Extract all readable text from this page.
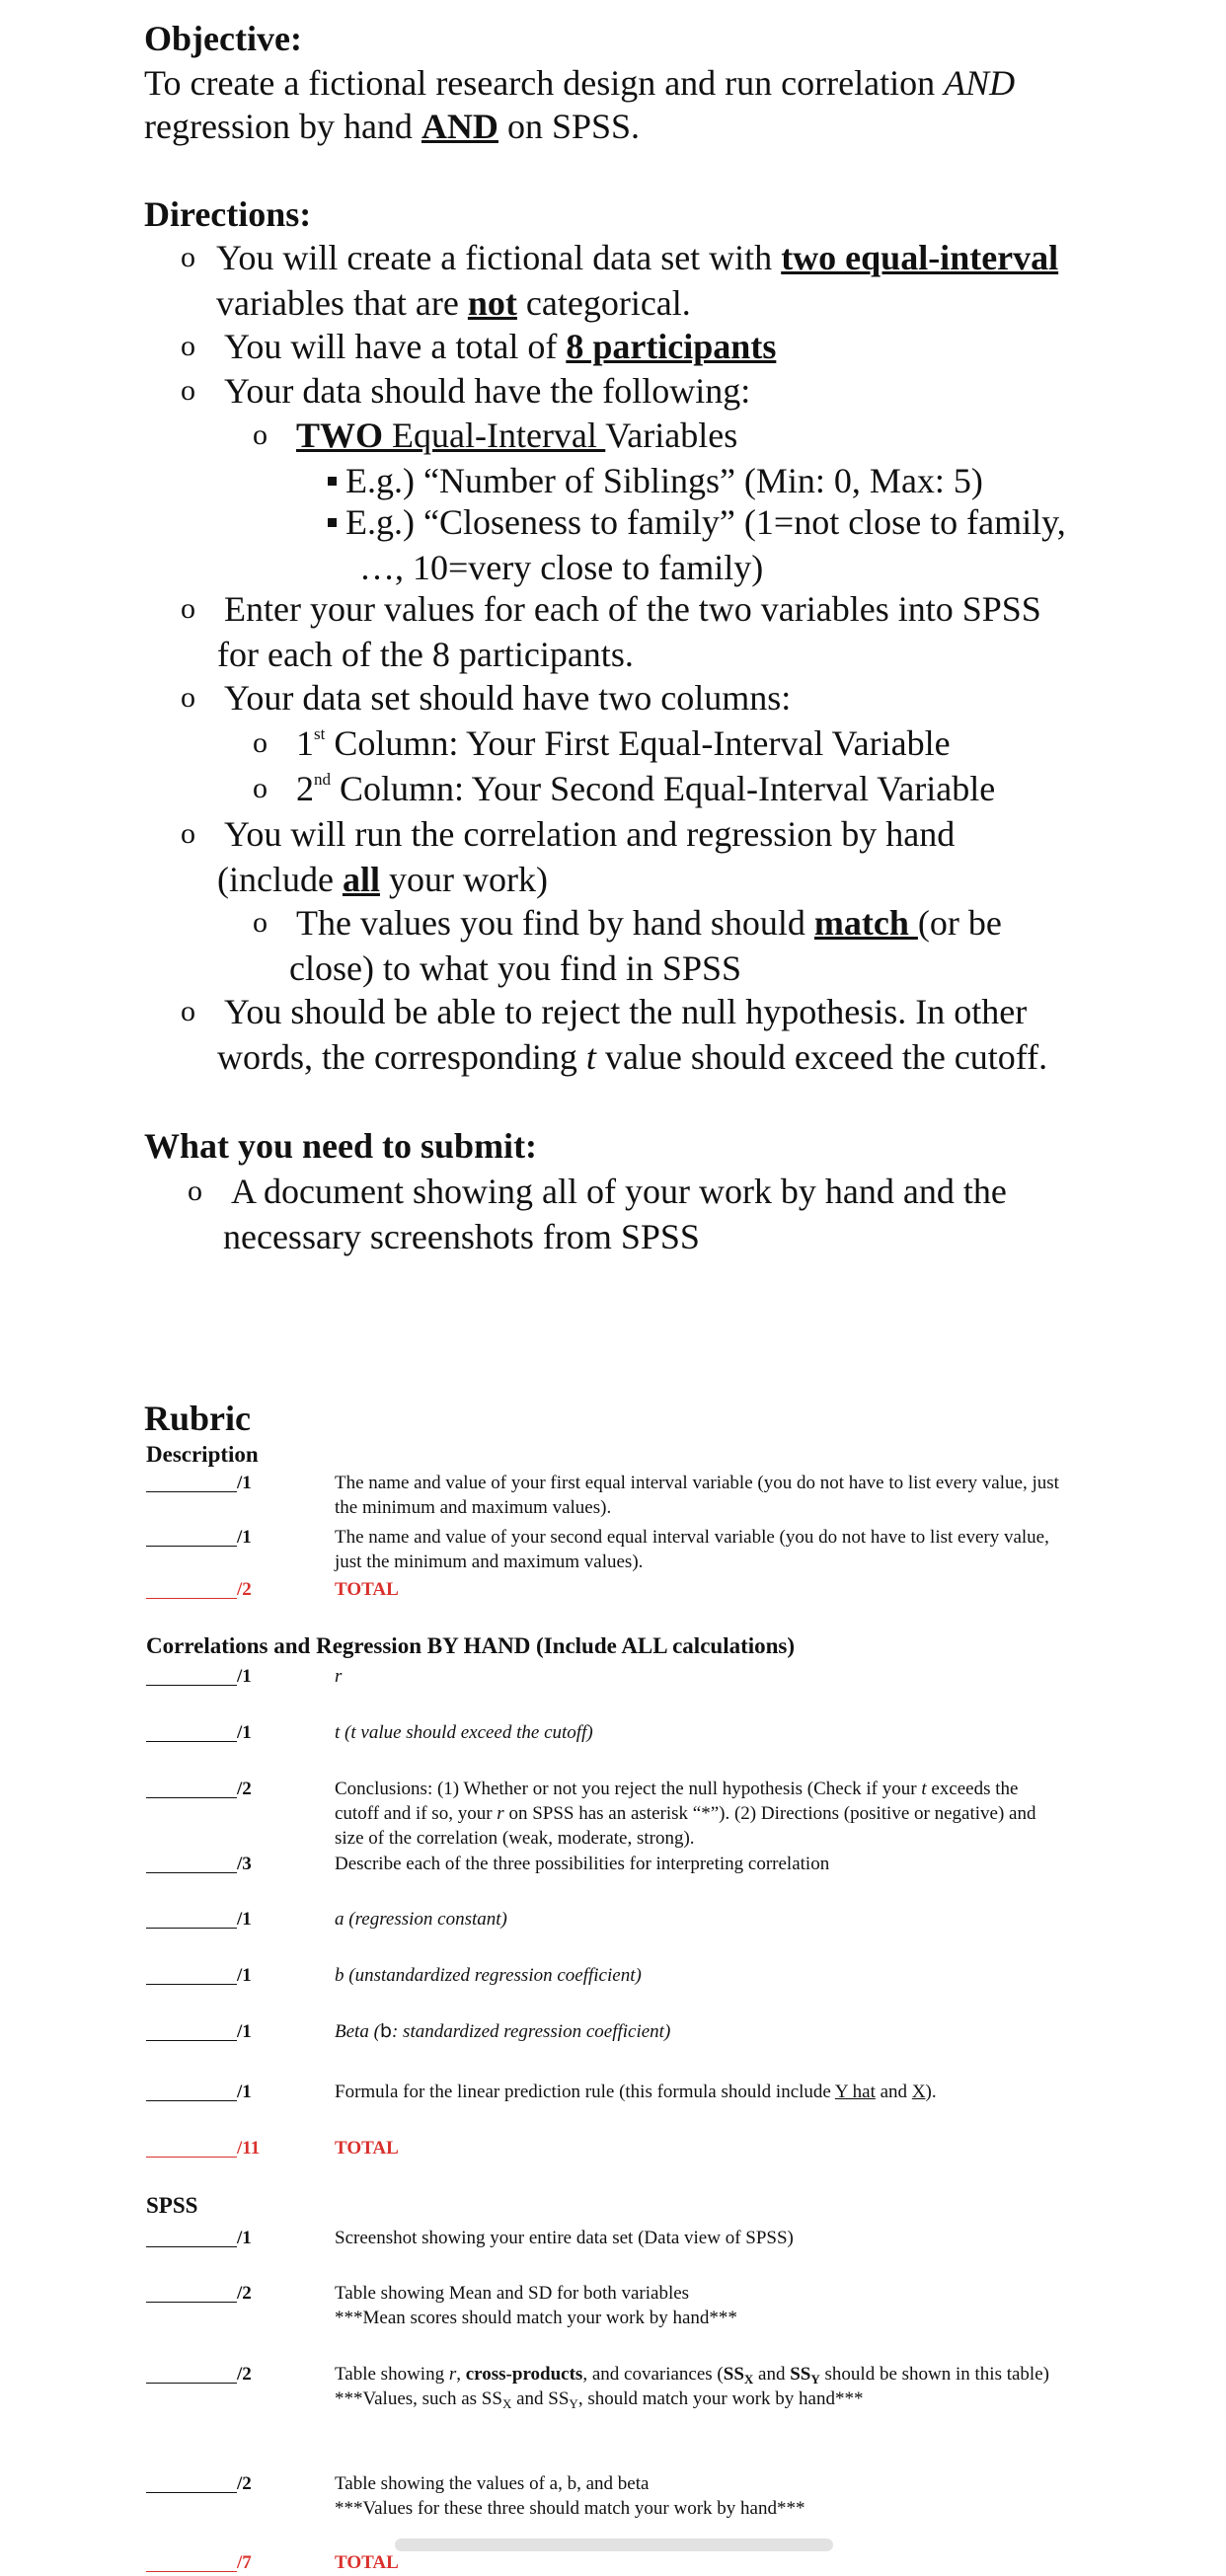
Objective:
To create a fictional research design and run correlation AND
regression by hand AND on SPSS.
Directions:
o You will create a fictional data set with two equal-interval
variables that are not categorical.
o You will have a total of 8 participants
o Your data should have the following:
o TWO Equal-Interval Variables
E.g.) “Number of Siblings” (Min: 0, Max: 5)
E.g.) “Closeness to family” (1=not close to family,
…, 10=very close to family)
o Enter your values for each of the two variables into SPSS
for each of the 8 participants.
o Your data set should have two columns:
o 1st Column: Your First Equal-Interval Variable
o 2nd Column: Your Second Equal-Interval Variable
o You will run the correlation and regression by hand
(include all your work)
o The values you find by hand should match (or be
close) to what you find in SPSS
o You should be able to reject the null hypothesis. In other
words, the corresponding t value should exceed the cutoff.
What you need to submit:
o A document showing all of your work by hand and the
necessary screenshots from SPSS
Rubric
Description
/1	The name and value of your first equal interval variable (you do not have to list every value, just the minimum and maximum values).
/1	The name and value of your second equal interval variable (you do not have to list every value, just the minimum and maximum values).
/2	TOTAL
Correlations and Regression BY HAND (Include ALL calculations)
/1	r
/1	t (t value should exceed the cutoff)
/2	Conclusions: (1) Whether or not you reject the null hypothesis (Check if your t exceeds the cutoff and if so, your r on SPSS has an asterisk “*”). (2) Directions (positive or negative) and size of the correlation (weak, moderate, strong).
/3	Describe each of the three possibilities for interpreting correlation
/1	a (regression constant)
/1	b (unstandardized regression coefficient)
/1	Beta (b: standardized regression coefficient)
/1	Formula for the linear prediction rule (this formula should include Y hat and X).
/11	TOTAL
SPSS
/1	Screenshot showing your entire data set (Data view of SPSS)
/2	Table showing Mean and SD for both variables
***Mean scores should match your work by hand***
/2	Table showing r, cross-products, and covariances ($SS_X$ and $SS_Y$ should be shown in this table)
***Values, such as $SS_X$ and $SS_Y$, should match your work by hand***
/2	Table showing the values of a, b, and beta
***Values for these three should match your work by hand***
/7	TOTAL
